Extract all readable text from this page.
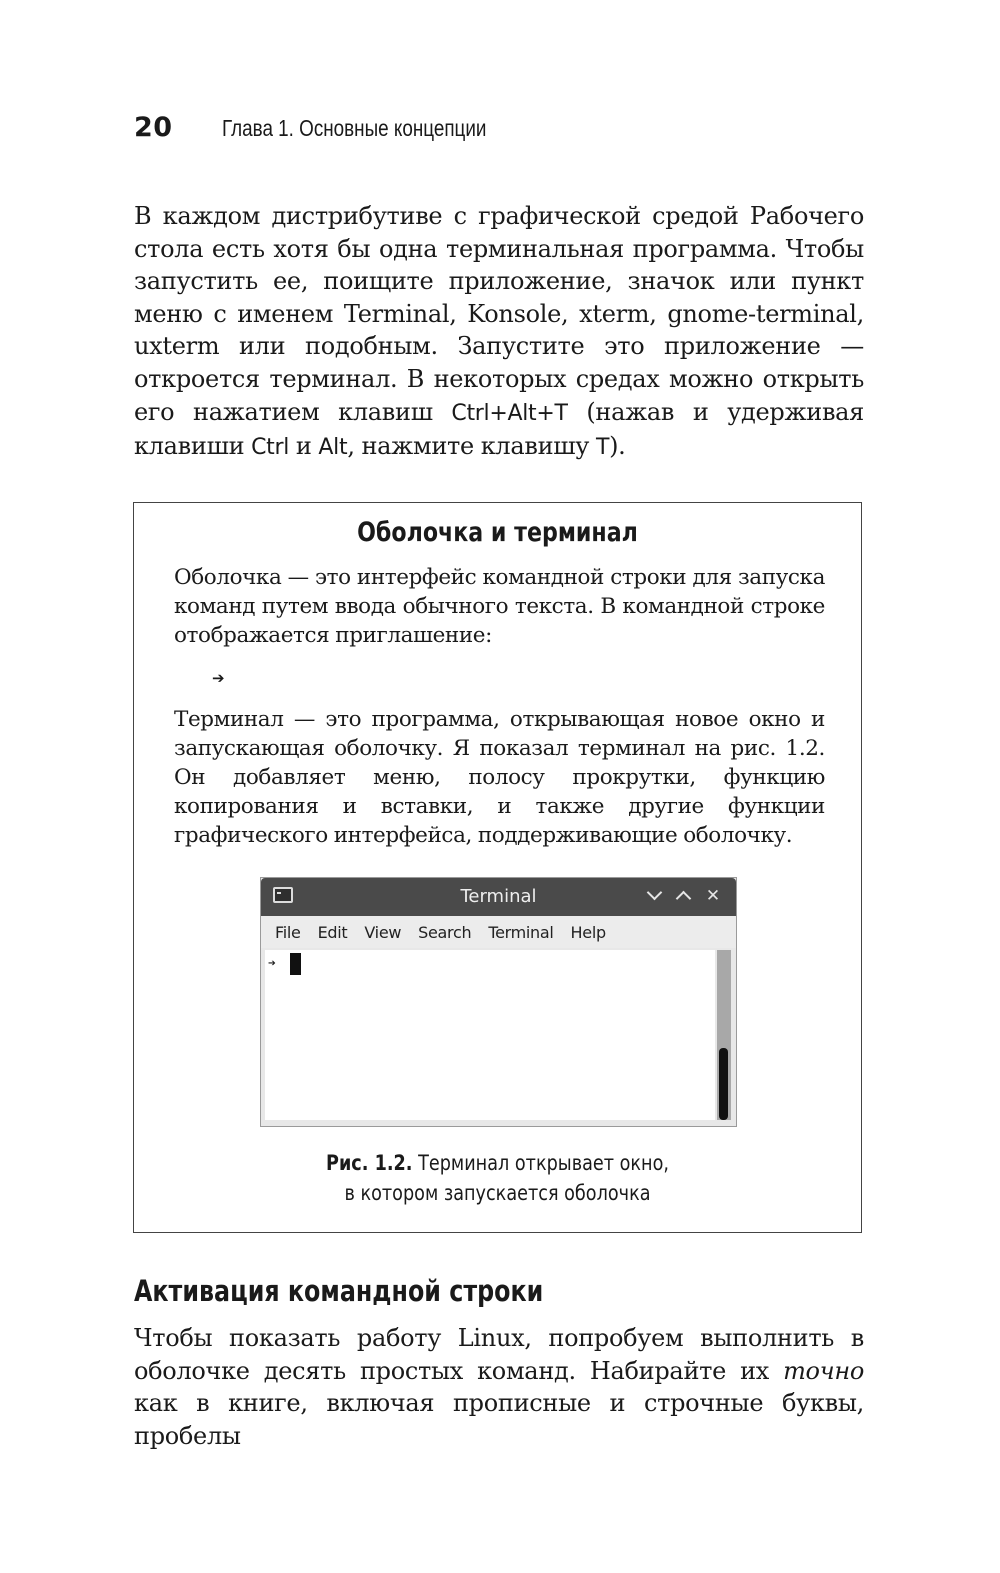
20	Глава 1. Основные концепции

В каждом дистрибутиве с графической средой Рабочего стола есть хотя бы одна терминальная программа. Чтобы запустить ее, поищите приложение, значок или пункт меню с именем Terminal, Konsole, xterm, gnome-terminal, uxterm или подобным. Запустите это приложение — откроется терминал. В некоторых средах можно открыть его нажатием клавиш Ctrl+Alt+T (нажав и удерживая клавиши Ctrl и Alt, нажмите клавишу T).

Оболочка и терминал

Оболочка — это интерфейс командной строки для запуска команд путем ввода обычного текста. В командной строке отображается приглашение:

➔

Терминал — это программа, открывающая новое окно и запускающая оболочку. Я показал терминал на рис. 1.2. Он добавляет меню, полосу прокрутки, функцию копирования и вставки, и также другие функции графического интерфейса, поддерживающие оболочку.

Terminal	✕
File Edit View Search Terminal Help
➔

Рис. 1.2. Терминал открывает окно,
в котором запускается оболочка

Активация командной строки

Чтобы показать работу Linux, попробуем выполнить в оболочке десять простых команд. Набирайте их точно как в книге, включая прописные и строчные буквы, пробелы
